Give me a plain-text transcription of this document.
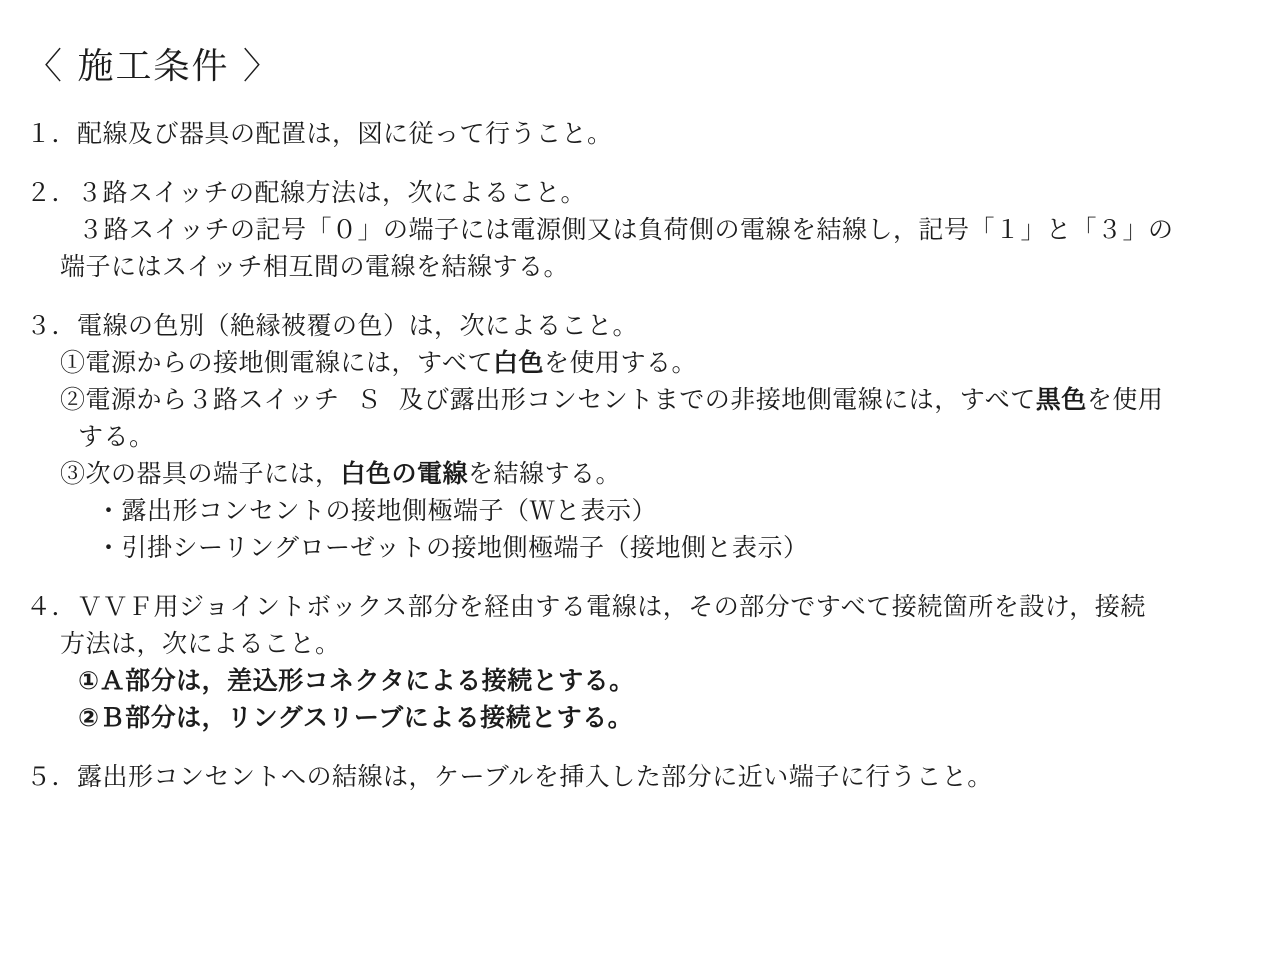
〈 施工条件 〉
１．配線及び器具の配置は，図に従って行うこと。
２．３路スイッチの配線方法は，次によること。
３路スイッチの記号「０」の端子には電源側又は負荷側の電線を結線し，記号「１」と「３」の
端子にはスイッチ相互間の電線を結線する。
３．電線の色別（絶縁被覆の色）は，次によること。
①電源からの接地側電線には，すべて白色を使用する。
②電源から３路スイッチ  Ｓ  及び露出形コンセントまでの非接地側電線には，すべて黒色を使用
する。
③次の器具の端子には，白色の電線を結線する。
・露出形コンセントの接地側極端子（Ｗと表示）
・引掛シーリングローゼットの接地側極端子（接地側と表示）
４．ＶＶＦ用ジョイントボックス部分を経由する電線は，その部分ですべて接続箇所を設け，接続
方法は，次によること。
①Ａ部分は，差込形コネクタによる接続とする。
②Ｂ部分は，リングスリーブによる接続とする。
５．露出形コンセントへの結線は，ケーブルを挿入した部分に近い端子に行うこと。
